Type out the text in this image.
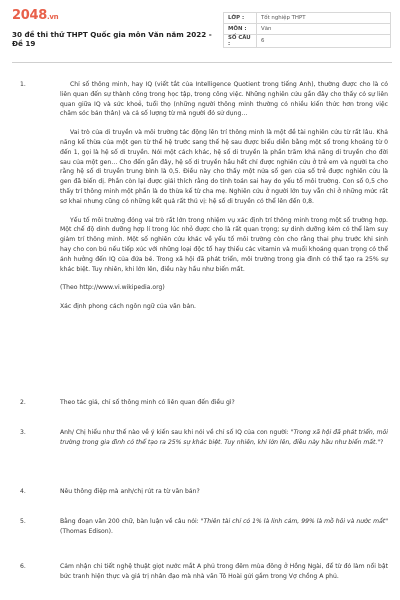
2048.vn
30 đề thi thử THPT Quốc gia môn Văn năm 2022 - Đề 19
LỚP :	Tốt nghiệp THPT
MÔN :	Văn
SỐ CÂU :	6
1.	Chỉ số thông minh, hay IQ (viết tắt của Intelligence Quotient trong tiếng Anh), thường được cho là có liên quan đến sự thành công trong học tập, trong công việc. Những nghiên cứu gần đây cho thấy có sự liên quan giữa IQ và sức khoẻ, tuổi thọ (những người thông minh thường có nhiều kiến thức hơn trong việc chăm sóc bản thân) và cả số lượng từ mà người đó sử dụng…

Vai trò của di truyền và môi trường tác động lên trí thông minh là một đề tài nghiên cứu từ rất lâu. Khả năng kế thừa của một gen từ thế hệ trước sang thế hệ sau được biểu diễn bằng một số trong khoảng từ 0 đến 1, gọi là hệ số di truyền. Nói một cách khác, hệ số di truyền là phần trăm khả năng di truyền cho đời sau của một gen… Cho đến gần đây, hệ số di truyền hầu hết chỉ được nghiên cứu ở trẻ em và người ta cho rằng hệ số di truyền trung bình là 0,5. Điều này cho thấy một nửa số gen của số trẻ được nghiên cứu là gen đã biến dị. Phần còn lại được giải thích rằng do tính toán sai hay do yếu tố môi trường. Con số 0,5 cho thấy trí thông minh một phần là do thừa kế từ cha mẹ. Nghiên cứu ở người lớn tuy vẫn chỉ ở những mức rất sơ khai nhưng cũng có những kết quả rất thú vị: hệ số di truyền có thể lên đến 0,8.

Yếu tố môi trường đóng vai trò rất lớn trong nhiệm vụ xác định trí thông minh trong một số trường hợp. Một chế độ dinh dưỡng hợp lí trong lúc nhỏ được cho là rất quan trọng; sự dinh dưỡng kém có thể làm suy giảm trí thông minh. Một số nghiên cứu khác về yếu tố môi trường còn cho rằng thai phụ trước khi sinh hay cho con bú nếu tiếp xúc với những loại độc tố hay thiếu các vitamin và muối khoáng quan trọng có thể ảnh hưởng đến IQ của đứa bé. Trong xã hội đã phát triển, môi trường trong gia đình có thể tạo ra 25% sự khác biệt. Tuy nhiên, khi lớn lên, điều này hầu như biến mất.

(Theo http://www.vi.wikipedia.org)

Xác định phong cách ngôn ngữ của văn bản.

2.	Theo tác giả, chỉ số thông minh có liên quan đến điều gì?
3.	Anh/ Chị hiểu như thế nào về ý kiến sau khi nói về chỉ số IQ của con người: "Trong xã hội đã phát triển, môi trường trong gia đình có thể tạo ra 25% sự khác biệt. Tuy nhiên, khi lớn lên, điều này hầu như biến mất."?
4.	Nêu thông điệp mà anh/chị rút ra từ văn bản?
5.	Bằng đoạn văn 200 chữ, bàn luận về câu nói: "Thiên tài chỉ có 1% là linh cảm, 99% là mồ hôi và nước mắt" (Thomas Edison).
6.	Cảm nhận chi tiết nghệ thuật giọt nước mắt A phủ trong đêm mùa đông ở Hồng Ngài, để từ đó làm nổi bật bức tranh hiện thực và giá trị nhân đạo mà nhà văn Tô Hoài gửi gắm trong Vợ chồng A phủ.
